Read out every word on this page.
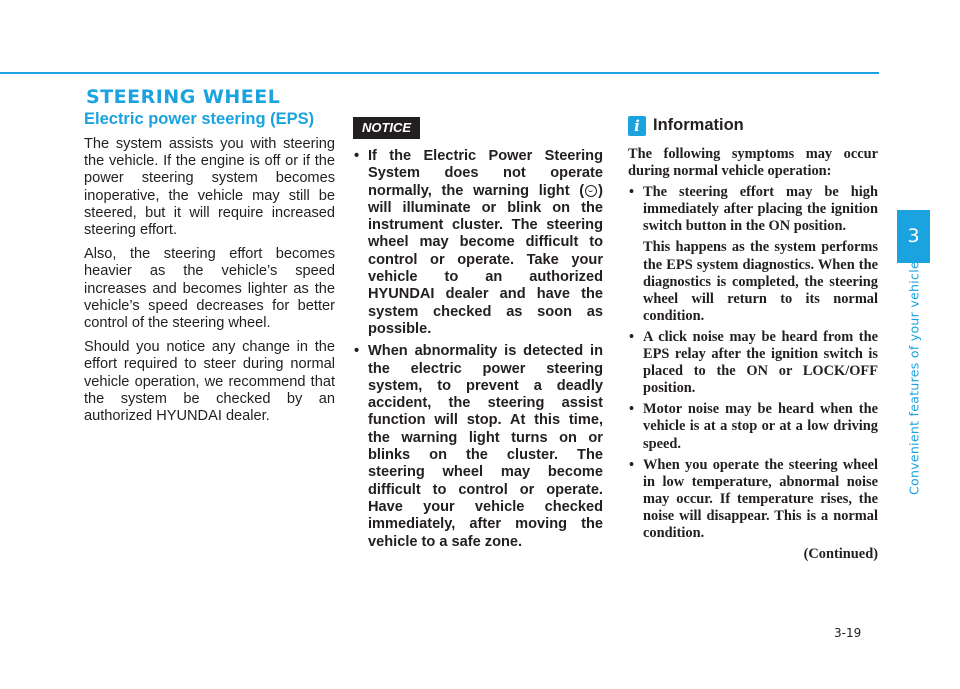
STEERING WHEEL
Electric power steering (EPS)

The system assists you with steering the vehicle. If the engine is off or if the power steering system becomes inoperative, the vehicle may still be steered, but it will require increased steering effort.

Also, the steering effort becomes heavier as the vehicle’s speed increases and becomes lighter as the vehicle’s speed decreases for better control of the steering wheel.

Should you notice any change in the effort required to steer during normal vehicle operation, we recommend that the system be checked by an authorized HYUNDAI dealer.

NOTICE
• If the Electric Power Steering System does not operate normally, the warning light ( ) will illuminate or blink on the instrument cluster. The steering wheel may become difficult to control or operate. Take your vehicle to an authorized HYUNDAI dealer and have the system checked as soon as possible.
• When abnormality is detected in the electric power steering system, to prevent a deadly accident, the steering assist function will stop. At this time, the warning light turns on or blinks on the cluster. The steering wheel may become difficult to control or operate. Have your vehicle checked immediately, after moving the vehicle to a safe zone.
i Information

The following symptoms may occur during normal vehicle operation:

• The steering effort may be high immediately after placing the ignition switch button in the ON position.

This happens as the system performs the EPS system diagnostics. When the diagnostics is completed, the steering wheel will return to its normal condition.

• A click noise may be heard from the EPS relay after the ignition switch is placed to the ON or LOCK/OFF position.

• Motor noise may be heard when the vehicle is at a stop or at a low driving speed.

• When you operate the steering wheel in low temperature, abnormal noise may occur. If temperature rises, the noise will disappear. This is a normal condition.

(Continued)
3
Convenient features of your vehicle
3-19
